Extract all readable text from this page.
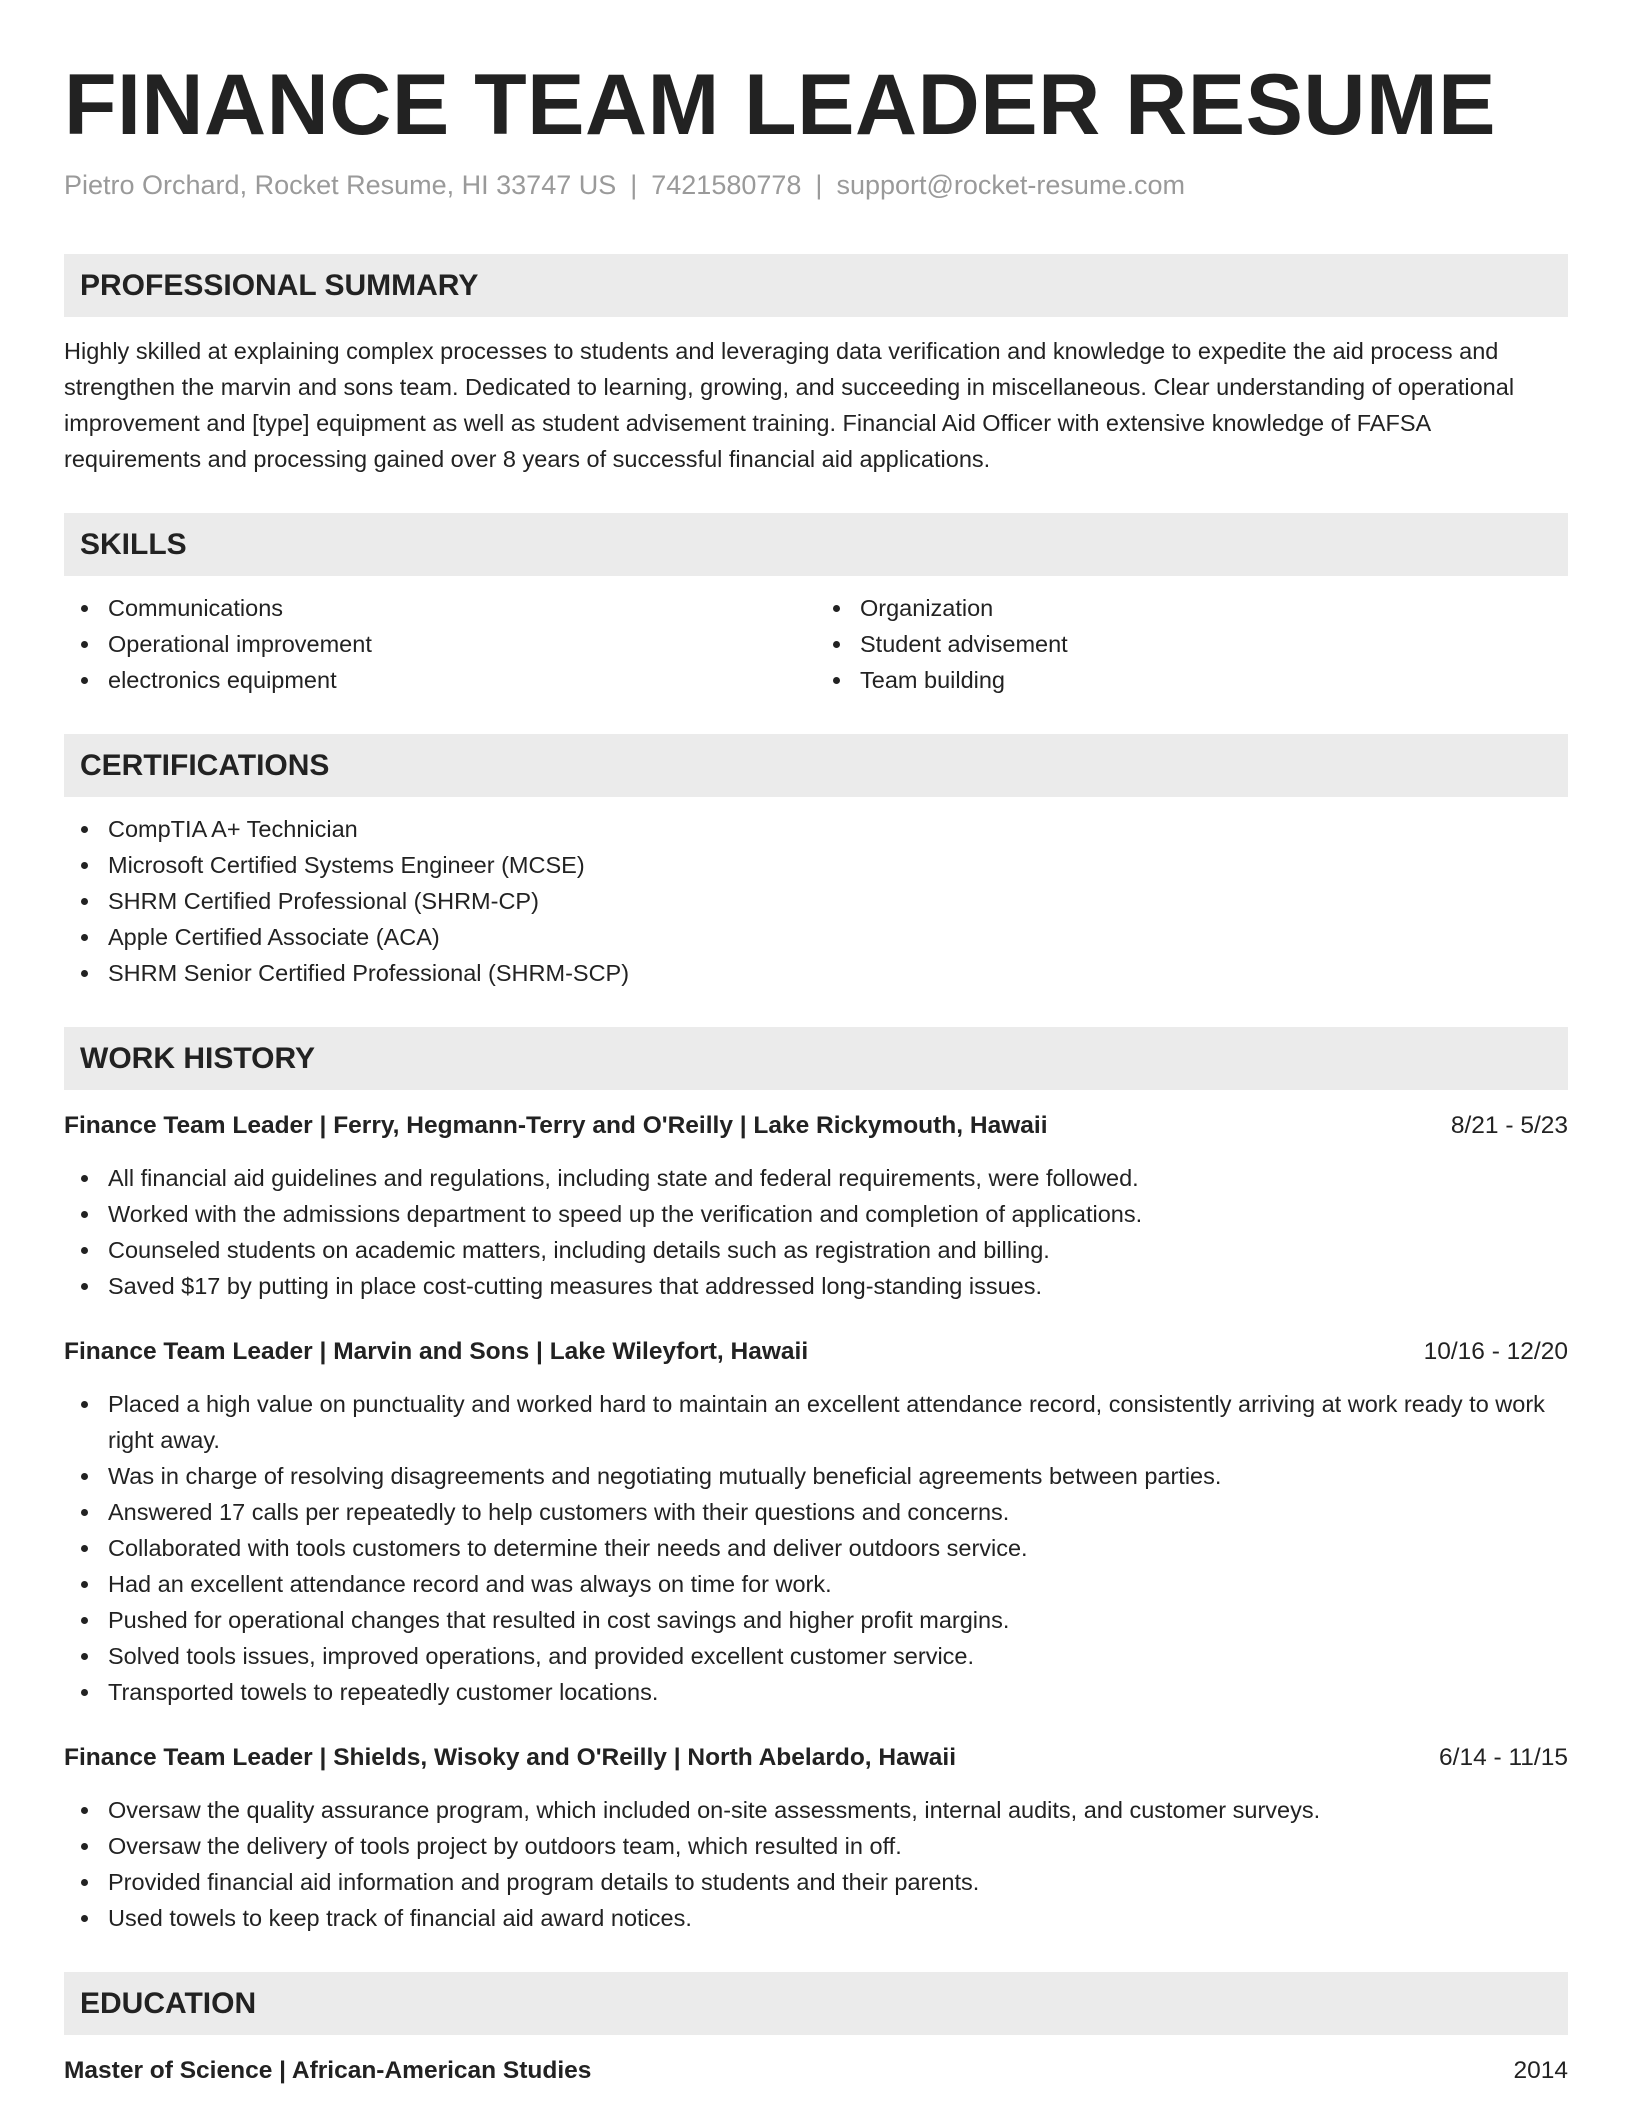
FINANCE TEAM LEADER RESUME
Pietro Orchard, Rocket Resume, HI 33747 US | 7421580778 | support@rocket-resume.com
PROFESSIONAL SUMMARY

Highly skilled at explaining complex processes to students and leveraging data verification and knowledge to expedite the aid process and strengthen the marvin and sons team. Dedicated to learning, growing, and succeeding in miscellaneous. Clear understanding of operational improvement and [type] equipment as well as student advisement training. Financial Aid Officer with extensive knowledge of FAFSA requirements and processing gained over 8 years of successful financial aid applications.

SKILLS
Communications
Operational improvement
electronics equipment
Organization
Student advisement
Team building
CERTIFICATIONS
CompTIA A+ Technician
Microsoft Certified Systems Engineer (MCSE)
SHRM Certified Professional (SHRM-CP)
Apple Certified Associate (ACA)
SHRM Senior Certified Professional (SHRM-SCP)
WORK HISTORY
Finance Team Leader | Ferry, Hegmann-Terry and O'Reilly | Lake Rickymouth, Hawaii	8/21 - 5/23
All financial aid guidelines and regulations, including state and federal requirements, were followed.
Worked with the admissions department to speed up the verification and completion of applications.
Counseled students on academic matters, including details such as registration and billing.
Saved $17 by putting in place cost-cutting measures that addressed long-standing issues.
Finance Team Leader | Marvin and Sons | Lake Wileyfort, Hawaii	10/16 - 12/20
Placed a high value on punctuality and worked hard to maintain an excellent attendance record, consistently arriving at work ready to work right away.
Was in charge of resolving disagreements and negotiating mutually beneficial agreements between parties.
Answered 17 calls per repeatedly to help customers with their questions and concerns.
Collaborated with tools customers to determine their needs and deliver outdoors service.
Had an excellent attendance record and was always on time for work.
Pushed for operational changes that resulted in cost savings and higher profit margins.
Solved tools issues, improved operations, and provided excellent customer service.
Transported towels to repeatedly customer locations.
Finance Team Leader | Shields, Wisoky and O'Reilly | North Abelardo, Hawaii	6/14 - 11/15
Oversaw the quality assurance program, which included on-site assessments, internal audits, and customer surveys.
Oversaw the delivery of tools project by outdoors team, which resulted in off.
Provided financial aid information and program details to students and their parents.
Used towels to keep track of financial aid award notices.
EDUCATION
Master of Science | African-American Studies	2014
